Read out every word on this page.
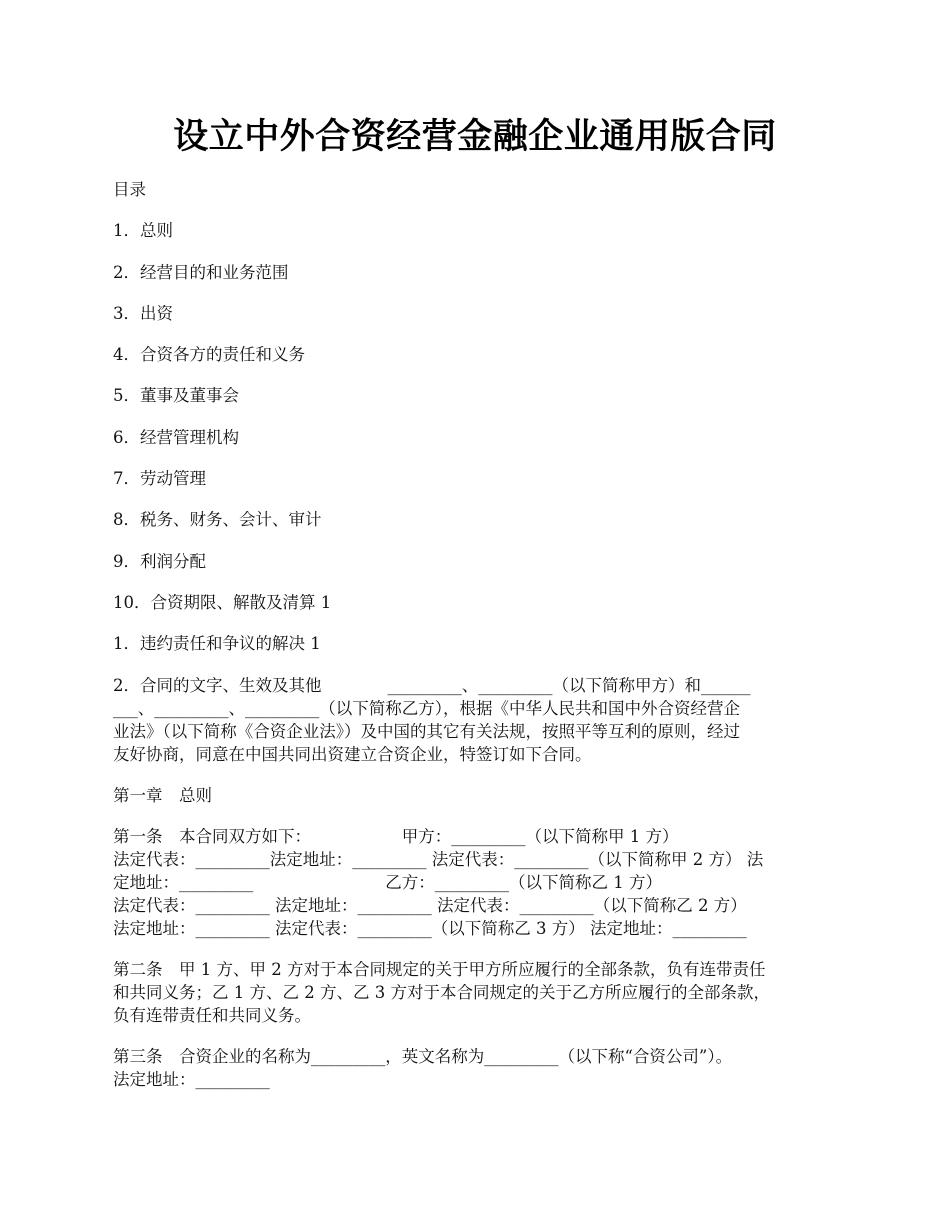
设立中外合资经营金融企业通用版合同

目录

1．总则

2．经营目的和业务范围

3．出资

4．合资各方的责任和义务

5．董事及董事会

6．经营管理机构

7．劳动管理

8．税务、财务、会计、审计

9．利润分配

10．合资期限、解散及清算 1

1．违约责任和争议的解决 1

2．合同的文字、生效及其他　　　　_________、_________（以下简称甲方）和______
___、_________、_________（以下简称乙方），根据《中华人民共和国中外合资经营企
业法》（以下简称《合资企业法》）及中国的其它有关法规，按照平等互利的原则，经过
友好协商，同意在中国共同出资建立合资企业，特签订如下合同。

第一章　总则

第一条　本合同双方如下：　　　　　　甲方：_________（以下简称甲 1 方）
法定代表：_________法定地址：_________ 法定代表：_________（以下简称甲 2 方） 法
定地址：_________　　　　　　　　乙方：_________（以下简称乙 1 方）
法定代表：_________ 法定地址：_________ 法定代表：_________（以下简称乙 2 方）
法定地址：_________ 法定代表：_________（以下简称乙 3 方） 法定地址：_________
第二条　甲 1 方、甲 2 方对于本合同规定的关于甲方所应履行的全部条款，负有连带责任
和共同义务；乙 1 方、乙 2 方、乙 3 方对于本合同规定的关于乙方所应履行的全部条款，
负有连带责任和共同义务。
第三条　合资企业的名称为_________，英文名称为_________（以下称“合资公司”）。
法定地址：_________
